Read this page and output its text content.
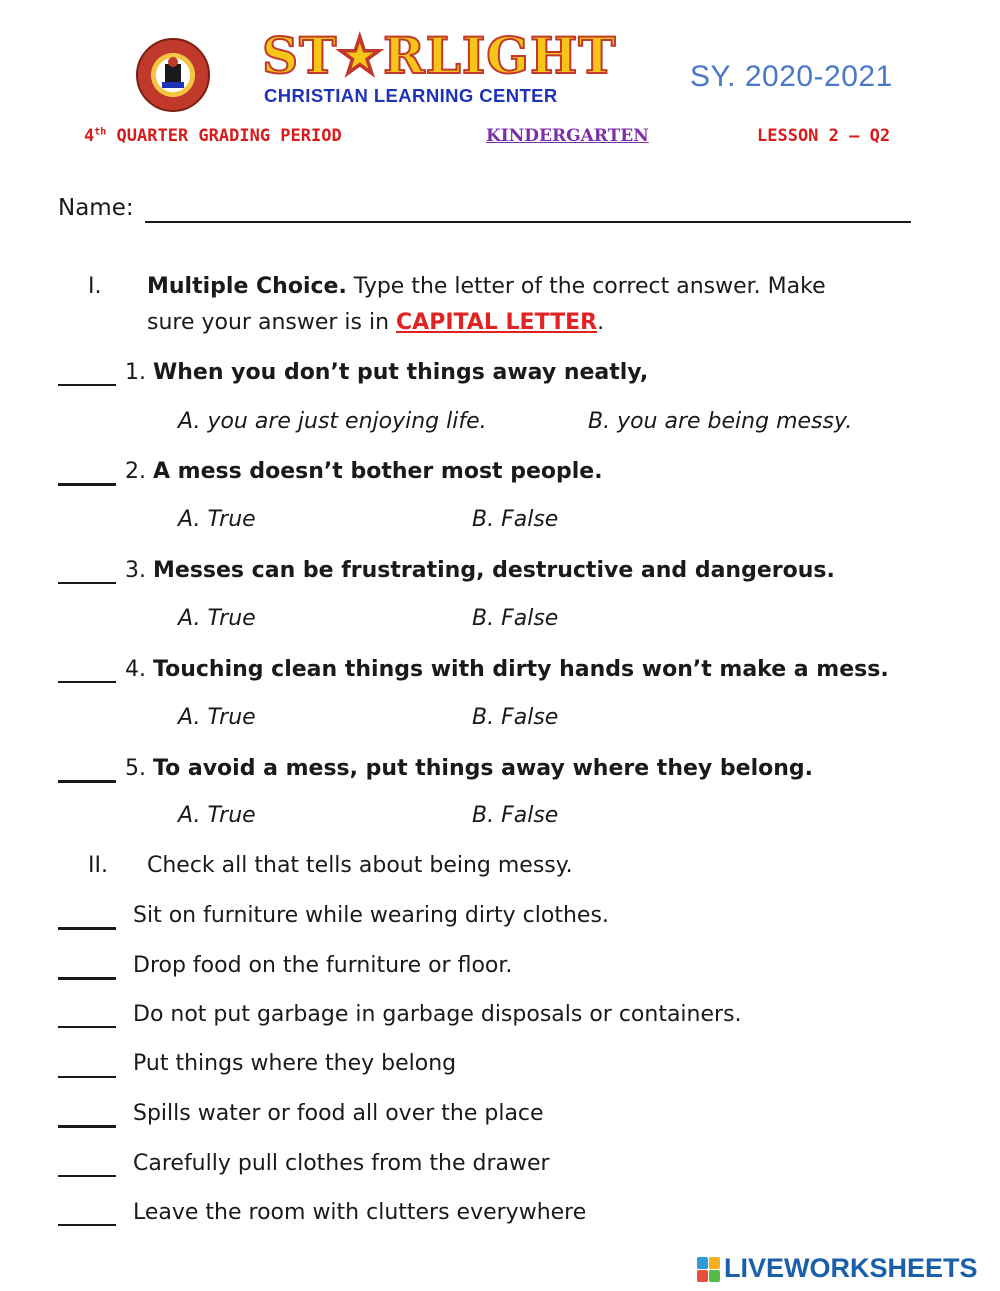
ST★RLIGHT
CHRISTIAN LEARNING CENTER
SY. 2020-2021
4th QUARTER GRADING PERIOD	KINDERGARTEN	LESSON 2 – Q2
Name:
I. Multiple Choice. Type the letter of the correct answer. Make
sure your answer is in CAPITAL LETTER.
1. When you don’t put things away neatly,
A. you are just enjoying life.	B. you are being messy.
2. A mess doesn’t bother most people.
A. True	B. False
3. Messes can be frustrating, destructive and dangerous.
A. True	B. False
4. Touching clean things with dirty hands won’t make a mess.
A. True	B. False
5. To avoid a mess, put things away where they belong.
A. True	B. False
II. Check all that tells about being messy.
Sit on furniture while wearing dirty clothes.
Drop food on the furniture or floor.
Do not put garbage in garbage disposals or containers.
Put things where they belong
Spills water or food all over the place
Carefully pull clothes from the drawer
Leave the room with clutters everywhere
LIVEWORKSHEETS
